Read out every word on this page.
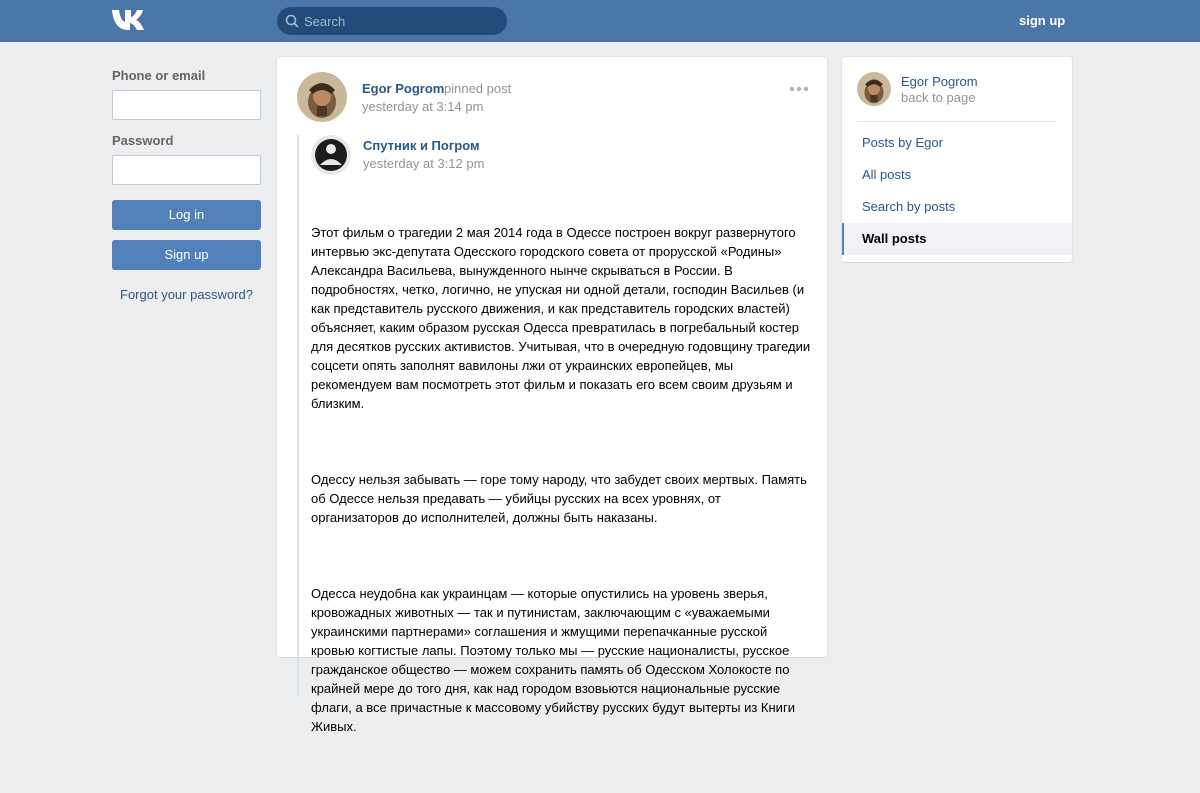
Search
sign up
Phone or email
Password
Log in
Sign up
Forgot your password?
Egor Pogrom pinned post
yesterday at 3:14 pm
Спутник и Погром
yesterday at 3:12 pm

Этот фильм о трагедии 2 мая 2014 года в Одессе построен вокруг развернутого интервью экс-депутата Одесского городского совета от прорусской «Родины» Александра Васильева, вынужденного нынче скрываться в России. В подробностях, четко, логично, не упуская ни одной детали, господин Васильев (и как представитель русского движения, и как представитель городских властей) объясняет, каким образом русская Одесса превратилась в погребальный костер для десятков русских активистов. Учитывая, что в очередную годовщину трагедии соцсети опять заполнят вавилоны лжи от украинских европейцев, мы рекомендуем вам посмотреть этот фильм и показать его всем своим друзьям и близким.

Одессу нельзя забывать — горе тому народу, что забудет своих мертвых. Память об Одессе нельзя предавать — убийцы русских на всех уровнях, от организаторов до исполнителей, должны быть наказаны.

Одесса неудобна как украинцам — которые опустились на уровень зверья, кровожадных животных — так и путинистам, заключающим с «уважаемыми украинскими партнерами» соглашения и жмущими перепачканные русской кровью когтистые лапы. Поэтому только мы — русские националисты, русское гражданское общество — можем сохранить память об Одесском Холокосте по крайней мере до того дня, как над городом взовьются национальные русские флаги, а все причастные к массовому убийству русских будут вытерты из Книги Живых.

Egor Pogrom
back to page
Posts by Egor
All posts
Search by posts
Wall posts
